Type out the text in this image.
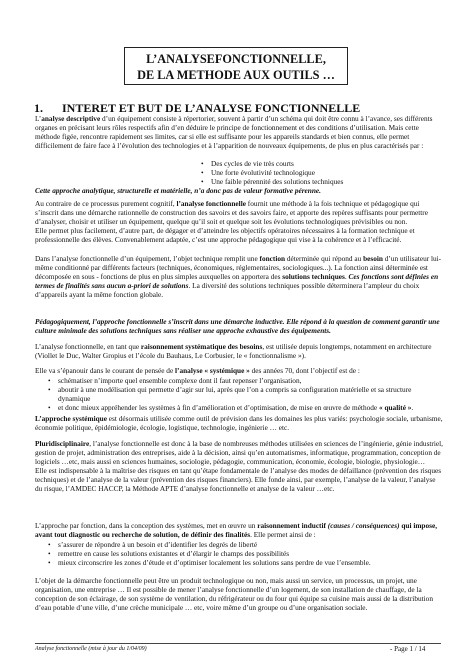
L’ANALYSEFONCTIONNELLE,
DE LA METHODE AUX OUTILS …
1. INTERET ET BUT DE L’ANALYSE FONCTIONNELLE

L’analyse descriptive d’un équipement consiste à répertorier, souvent à partir d’un schéma qui doit être connu à l’avance, ses différents organes en précisant leurs rôles respectifs afin d’en déduire le principe de fonctionnement et des conditions d’utilisation. Mais cette méthode figée, rencontre rapidement ses limites, car si elle est suffisante pour les appareils standards et bien connus, elle permet difficilement de faire face à l’évolution des technologies et à l’apparition de nouveaux équipements, de plus en plus caractérisés par :

• Des cycles de vie très courts
• Une forte évolutivité technologique
• Une faible pérennité des solutions techniques

Cette approche analytique, structurelle et matérielle, n’a donc pas de valeur formative pérenne.

Au contraire de ce processus purement cognitif, l’analyse fonctionnelle fournit une méthode à la fois technique et pédagogique qui s’inscrit dans une démarche rationnelle de construction des savoirs et des savoirs faire, et apporte des repères suffisants pour permettre d’analyser, choisir et utiliser un équipement, quelque qu’il soit et quelque soit les évolutions technologiques prévisibles ou non.
Elle permet plus facilement, d’autre part, de dégager et d’atteindre les objectifs opératoires nécessaires à la formation technique et professionnelle des élèves. Convenablement adaptée, c’est une approche pédagogique qui vise à la cohérence et à l’efficacité.

Dans l’analyse fonctionnelle d’un équipement, l’objet technique remplit une fonction déterminée qui répond au besoin d’un utilisateur lui-même conditionné par différents facteurs (techniques, économiques, réglementaires, sociologiques...). La fonction ainsi déterminée est décomposée en sous - fonctions de plus en plus simples auxquelles on apportera des solutions techniques. Ces fonctions sont définies en termes de finalités sans aucun a-priori de solutions. La diversité des solutions techniques possible déterminera l’ampleur du choix d’appareils ayant la même fonction globale.

Pédagogiquement, l’approche fonctionnelle s’inscrit dans une démarche inductive. Elle répond à la question de comment garantir une culture minimale des solutions techniques sans réaliser une approche exhaustive des équipements.

L’analyse fonctionnelle, en tant que raisonnement systématique des besoins, est utilisée depuis longtemps, notamment en architecture (Viollet le Duc, Walter Gropius et l’école du Bauhaus, Le Corbusier, le « fonctionnalisme »).

Elle va s’épanouir dans le courant de pensée de l’analyse « systémique » des années 70, dont l’objectif est de :

• schématiser n’importe quel ensemble complexe dont il faut repenser l’organisation,
• aboutir à une modélisation qui permette d’agir sur lui, après que l’on a compris sa configuration matérielle et sa structure dynamique
• et donc mieux appréhender les systèmes à fin d’amélioration et d’optimisation, de mise en œuvre de méthode « qualité ».

L’approche systémique est désormais utilisée comme outil de prévision dans les domaines les plus variés: psychologie sociale, urbanisme, économie politique, épidémiologie, écologie, logistique, technologie, ingénierie … etc.

Pluridisciplinaire, l’analyse fonctionnelle est donc à la base de nombreuses méthodes utilisées en sciences de l’ingénierie, génie industriel, gestion de projet, administration des entreprises, aide à la décision, ainsi qu’en automatismes, informatique, programmation, conception de logiciels …etc, mais aussi en sciences humaines, sociologie, pédagogie, communication, économie, écologie, biologie, physiologie…
Elle est indispensable à la maîtrise des risques en tant qu’étape fondamentale de l’analyse des modes de défaillance (prévention des risques techniques) et de l’analyse de la valeur (prévention des risques financiers). Elle fonde ainsi, par exemple, l’analyse de la valeur, l’analyse du risque, l’AMDEC HACCP, la Méthode APTE d’analyse fonctionnelle et analyse de la valeur …etc.

L’approche par fonction, dans la conception des systèmes, met en œuvre un raisonnement inductif (causes / conséquences) qui impose, avant tout diagnostic ou recherche de solution, de définir des finalités. Elle permet ainsi de :

• s’assurer de répondre à un besoin et d’identifier les degrés de liberté
• remettre en cause les solutions existantes et d’élargir le champs des possibilités
• mieux circonscrire les zones d’étude et d’optimiser localement les solutions sans perdre de vue l’ensemble.

L’objet de la démarche fonctionnelle peut être un produit technologique ou non, mais aussi un service, un processus, un projet, une organisation, une entreprise … Il est possible de mener l’analyse fonctionnelle d’un logement, de son installation de chauffage, de la conception de son éclairage, de son système de ventilation, du réfrigérateur ou du four qui équipe sa cuisine mais aussi de la distribution d’eau potable d’une ville, d’une crèche municipale … etc, voire même d’un groupe ou d’une organisation sociale.

Analyse fonctionnelle (mise à jour du 1/04/09)	- Page 1 / 14
